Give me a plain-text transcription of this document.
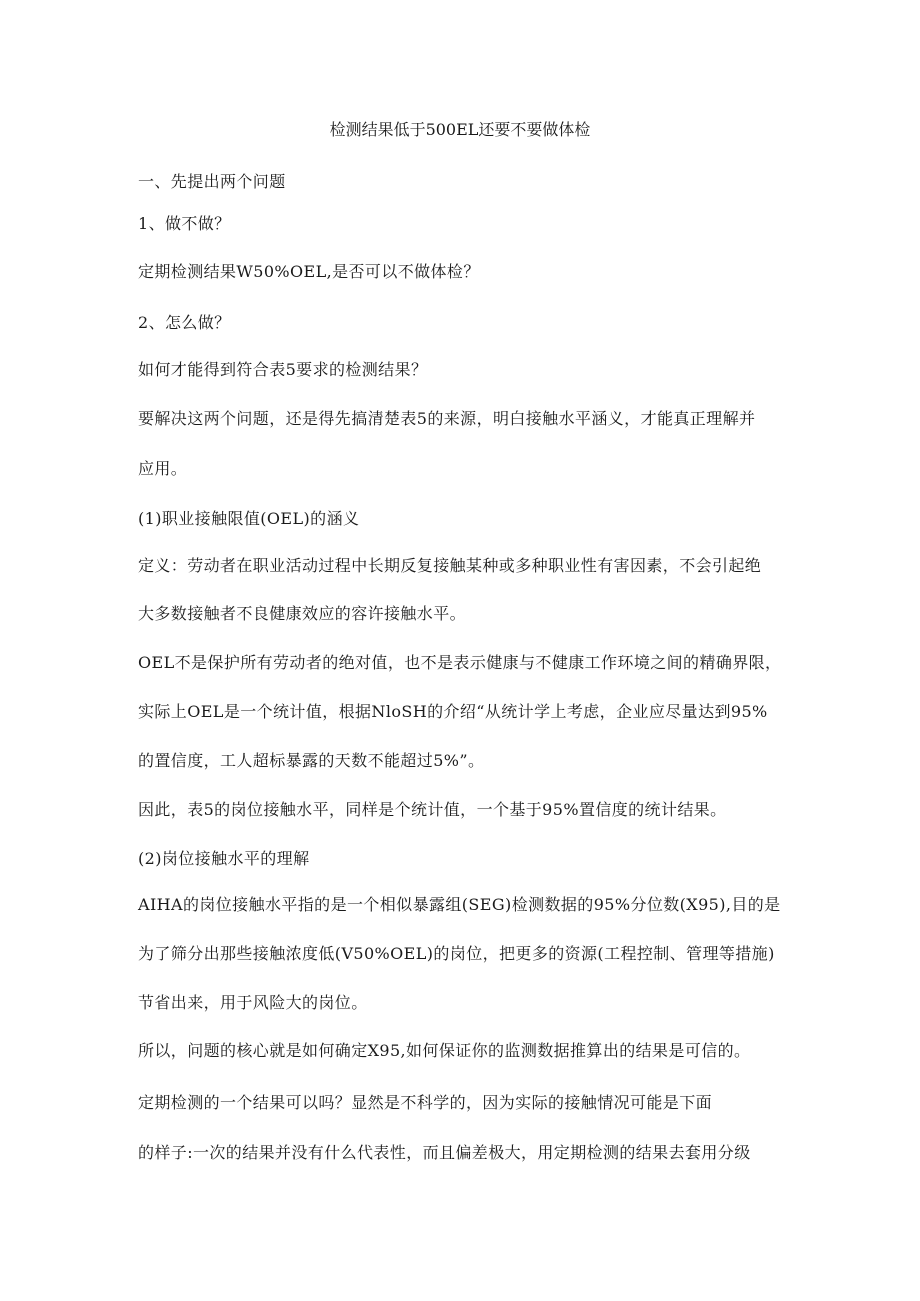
检测结果低于500EL还要不要做体检
一、先提出两个问题
1、做不做？
定期检测结果W50%OEL,是否可以不做体检？
2、怎么做？
如何才能得到符合表5要求的检测结果？
要解决这两个问题，还是得先搞清楚表5的来源，明白接触水平涵义，才能真正理解并
应用。
(1)职业接触限值(OEL)的涵义
定义：劳动者在职业活动过程中长期反复接触某种或多种职业性有害因素，不会引起绝
大多数接触者不良健康效应的容许接触水平。
OEL不是保护所有劳动者的绝对值，也不是表示健康与不健康工作环境之间的精确界限，
实际上OEL是一个统计值，根据NloSH的介绍“从统计学上考虑，企业应尽量达到95%
的置信度，工人超标暴露的天数不能超过5%”。
因此，表5的岗位接触水平，同样是个统计值，一个基于95%置信度的统计结果。
(2)岗位接触水平的理解
AIHA的岗位接触水平指的是一个相似暴露组(SEG)检测数据的95%分位数(X95),目的是
为了筛分出那些接触浓度低(V50%OEL)的岗位，把更多的资源(工程控制、管理等措施)
节省出来，用于风险大的岗位。
所以，问题的核心就是如何确定X95,如何保证你的监测数据推算出的结果是可信的。
定期检测的一个结果可以吗？显然是不科学的，因为实际的接触情况可能是下面
的样子:一次的结果并没有什么代表性，而且偏差极大，用定期检测的结果去套用分级
